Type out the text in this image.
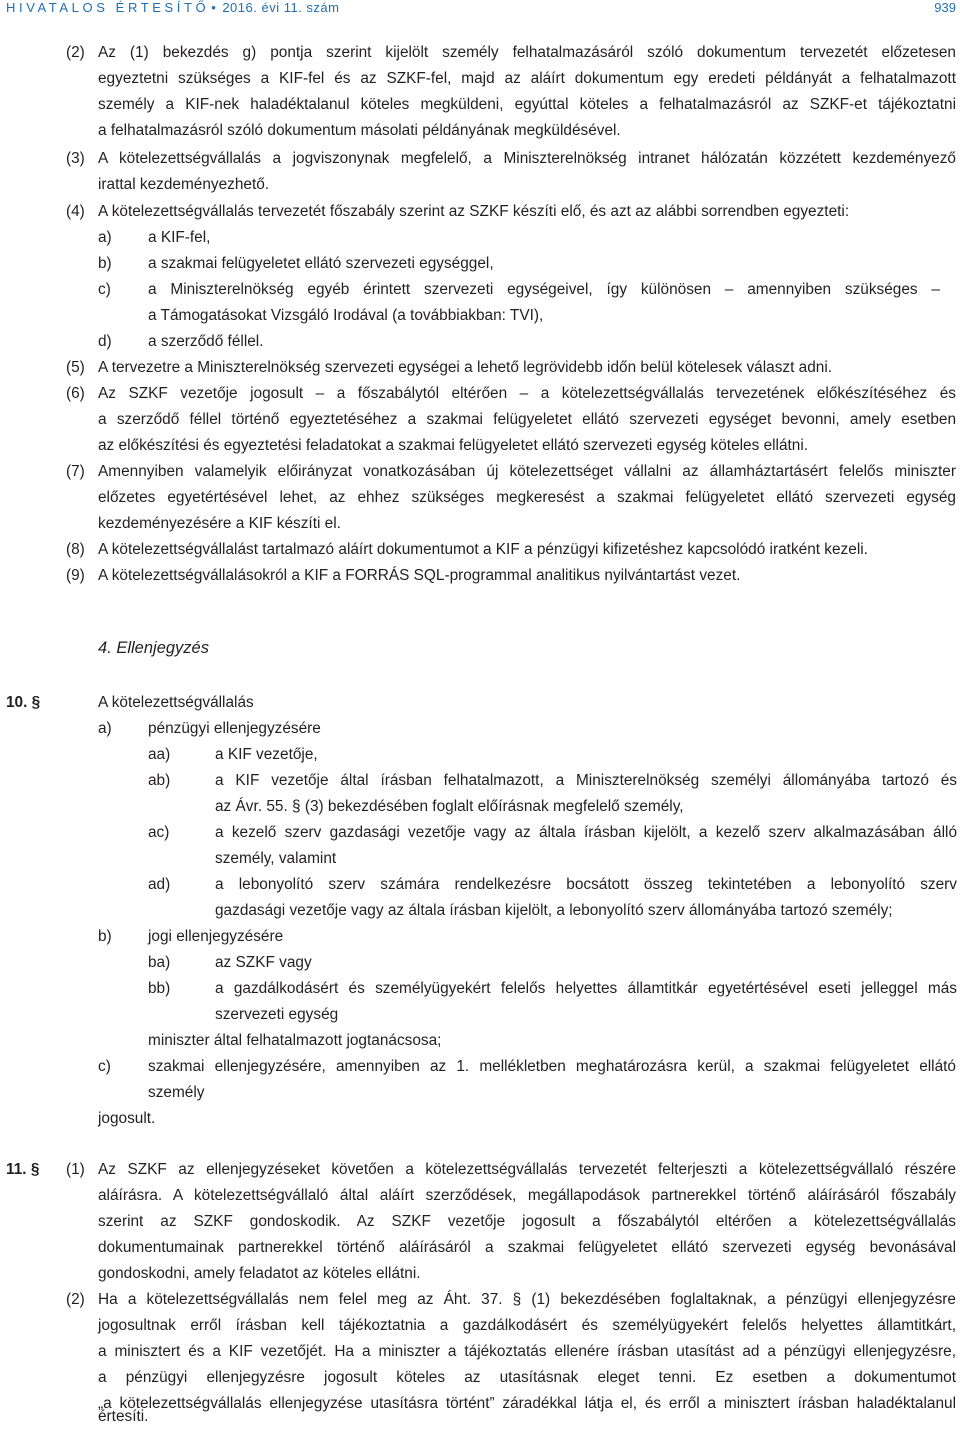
HIVATALOS ÉRTESÍTŐ • 2016. évi 11. szám	939
(2) Az (1) bekezdés g) pontja szerint kijelölt személy felhatalmazásáról szóló dokumentum tervezetét előzetesen
egyeztetni szükséges a KIF-fel és az SZKF-fel, majd az aláírt dokumentum egy eredeti példányát a felhatalmazott
személy a KIF-nek haladéktalanul köteles megküldeni, egyúttal köteles a felhatalmazásról az SZKF-et tájékoztatni
a felhatalmazásról szóló dokumentum másolati példányának megküldésével.
(3) A kötelezettségvállalás a jogviszonynak megfelelő, a Miniszterelnökség intranet hálózatán közzétett kezdeményező
irattal kezdeményezhető.
(4) A kötelezettségvállalás tervezetét főszabály szerint az SZKF készíti elő, és azt az alábbi sorrendben egyezteti:
a) a KIF-fel,
b) a szakmai felügyeletet ellátó szervezeti egységgel,
c) a Miniszterelnökség egyéb érintett szervezeti egységeivel, így különösen – amennyiben szükséges –
a Támogatásokat Vizsgáló Irodával (a továbbiakban: TVI),
d) a szerződő féllel.
(5) A tervezetre a Miniszterelnökség szervezeti egységei a lehető legrövidebb időn belül kötelesek választ adni.
(6) Az SZKF vezetője jogosult – a főszabálytól eltérően – a kötelezettségvállalás tervezetének előkészítéséhez és
a szerződő féllel történő egyeztetéséhez a szakmai felügyeletet ellátó szervezeti egységet bevonni, amely esetben
az előkészítési és egyeztetési feladatokat a szakmai felügyeletet ellátó szervezeti egység köteles ellátni.
(7) Amennyiben valamelyik előirányzat vonatkozásában új kötelezettséget vállalni az államháztartásért felelős miniszter
előzetes egyetértésével lehet, az ehhez szükséges megkeresést a szakmai felügyeletet ellátó szervezeti egység
kezdeményezésére a KIF készíti el.
(8) A kötelezettségvállalást tartalmazó aláírt dokumentumot a KIF a pénzügyi kifizetéshez kapcsolódó iratként kezeli.
(9) A kötelezettségvállalásokról a KIF a FORRÁS SQL-programmal analitikus nyilvántartást vezet.
4. Ellenjegyzés
10. §	A kötelezettségvállalás
a) pénzügyi ellenjegyzésére
aa)	a KIF vezetője,
ab)	a KIF vezetője által írásban felhatalmazott, a Miniszterelnökség személyi állományába tartozó és
az Ávr. 55. § (3) bekezdésében foglalt előírásnak megfelelő személy,
ac)	a kezelő szerv gazdasági vezetője vagy az általa írásban kijelölt, a kezelő szerv alkalmazásában álló
személy, valamint
ad)	a lebonyolító szerv számára rendelkezésre bocsátott összeg tekintetében a lebonyolító szerv
gazdasági vezetője vagy az általa írásban kijelölt, a lebonyolító szerv állományába tartozó személy;
b) jogi ellenjegyzésére
ba)	az SZKF vagy
bb)	a gazdálkodásért és személyügyekért felelős helyettes államtitkár egyetértésével eseti jelleggel más
szervezeti egység
miniszter által felhatalmazott jogtanácsosa;
c) szakmai ellenjegyzésére, amennyiben az 1. mellékletben meghatározásra kerül, a szakmai felügyeletet ellátó
személy
jogosult.
11. § (1) Az SZKF az ellenjegyzéseket követően a kötelezettségvállalás tervezetét felterjeszti a kötelezettségvállaló részére
aláírásra. A kötelezettségvállaló által aláírt szerződések, megállapodások partnerekkel történő aláírásáról főszabály
szerint az SZKF gondoskodik. Az SZKF vezetője jogosult a főszabálytól eltérően a kötelezettségvállalás
dokumentumainak partnerekkel történő aláírásáról a szakmai felügyeletet ellátó szervezeti egység bevonásával
gondoskodni, amely feladatot az köteles ellátni.
(2) Ha a kötelezettségvállalás nem felel meg az Áht. 37. § (1) bekezdésében foglaltaknak, a pénzügyi ellenjegyzésre
jogosultnak erről írásban kell tájékoztatnia a gazdálkodásért és személyügyekért felelős helyettes államtitkárt,
a minisztert és a KIF vezetőjét. Ha a miniszter a tájékoztatás ellenére írásban utasítást ad a pénzügyi ellenjegyzésre,
a pénzügyi ellenjegyzésre jogosult köteles az utasításnak eleget tenni. Ez esetben a dokumentumot
„a kötelezettségvállalás ellenjegyzése utasításra történt” záradékkal látja el, és erről a minisztert írásban haladéktalanul
értesíti.
